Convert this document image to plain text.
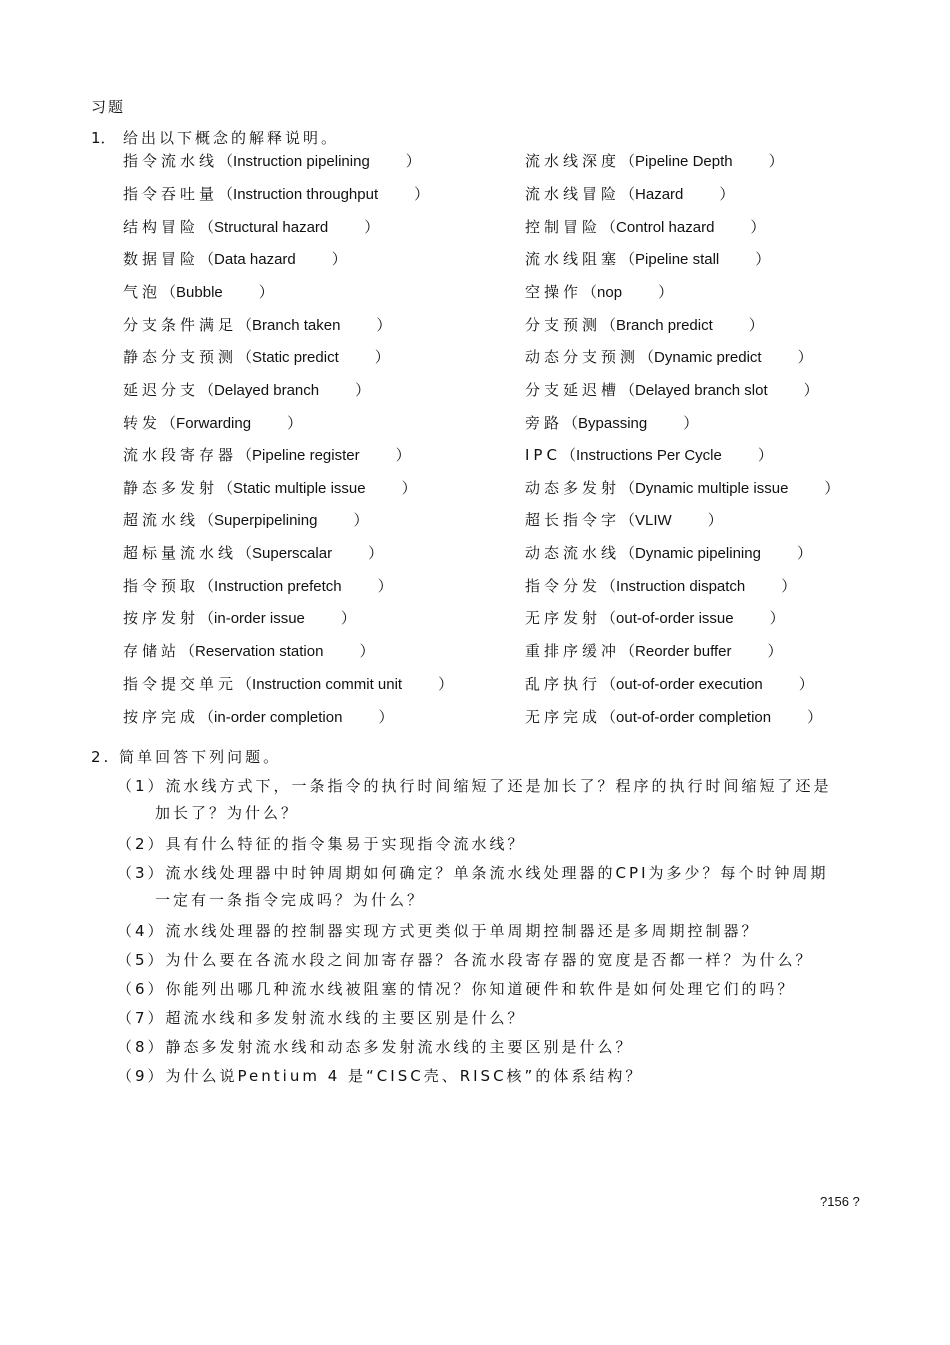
习题
1． 给出以下概念的解释说明。
指令流水线（Instruction pipelining ）
指令吞吐量（Instruction throughput ）
结构冒险（Structural hazard ）
数据冒险（Data hazard ）
气泡（Bubble ）
分支条件满足（Branch taken ）
静态分支预测（Static predict ）
延迟分支（Delayed branch ）
转发（Forwarding ）
流水段寄存器（Pipeline register ）
静态多发射（Static multiple issue ）
超流水线（Superpipelining ）
超标量流水线（Superscalar ）
指令预取（Instruction prefetch ）
按序发射（in-order issue ）
存储站（Reservation station ）
指令提交单元（Instruction commit unit ）
按序完成（in-order completion ）
流水线深度（Pipeline Depth ）
流水线冒险（Hazard ）
控制冒险（Control hazard ）
流水线阻塞（Pipeline stall ）
空操作（nop ）
分支预测（Branch predict ）
动态分支预测（Dynamic predict ）
分支延迟槽（Delayed branch slot ）
旁路（Bypassing ）
IPC（Instructions Per Cycle ）
动态多发射（Dynamic multiple issue ）
超长指令字（VLIW ）
动态流水线（Dynamic pipelining ）
指令分发（Instruction dispatch ）
无序发射（out-of-order issue ）
重排序缓冲（Reorder buffer ）
乱序执行（out-of-order execution ）
无序完成（out-of-order completion ）
2. 简单回答下列问题。
（1）流水线方式下，一条指令的执行时间缩短了还是加长了？程序的执行时间缩短了还是
加长了？为什么？
（2）具有什么特征的指令集易于实现指令流水线？
（3）流水线处理器中时钟周期如何确定？单条流水线处理器的CPI为多少？每个时钟周期
一定有一条指令完成吗？为什么？
（4）流水线处理器的控制器实现方式更类似于单周期控制器还是多周期控制器？
（5）为什么要在各流水段之间加寄存器？各流水段寄存器的宽度是否都一样？为什么？
（6）你能列出哪几种流水线被阻塞的情况？你知道硬件和软件是如何处理它们的吗？
（7）超流水线和多发射流水线的主要区别是什么？
（8）静态多发射流水线和动态多发射流水线的主要区别是什么？
（9）为什么说Pentium 4 是“CISC壳、RISC核”的体系结构？
?156 ?
